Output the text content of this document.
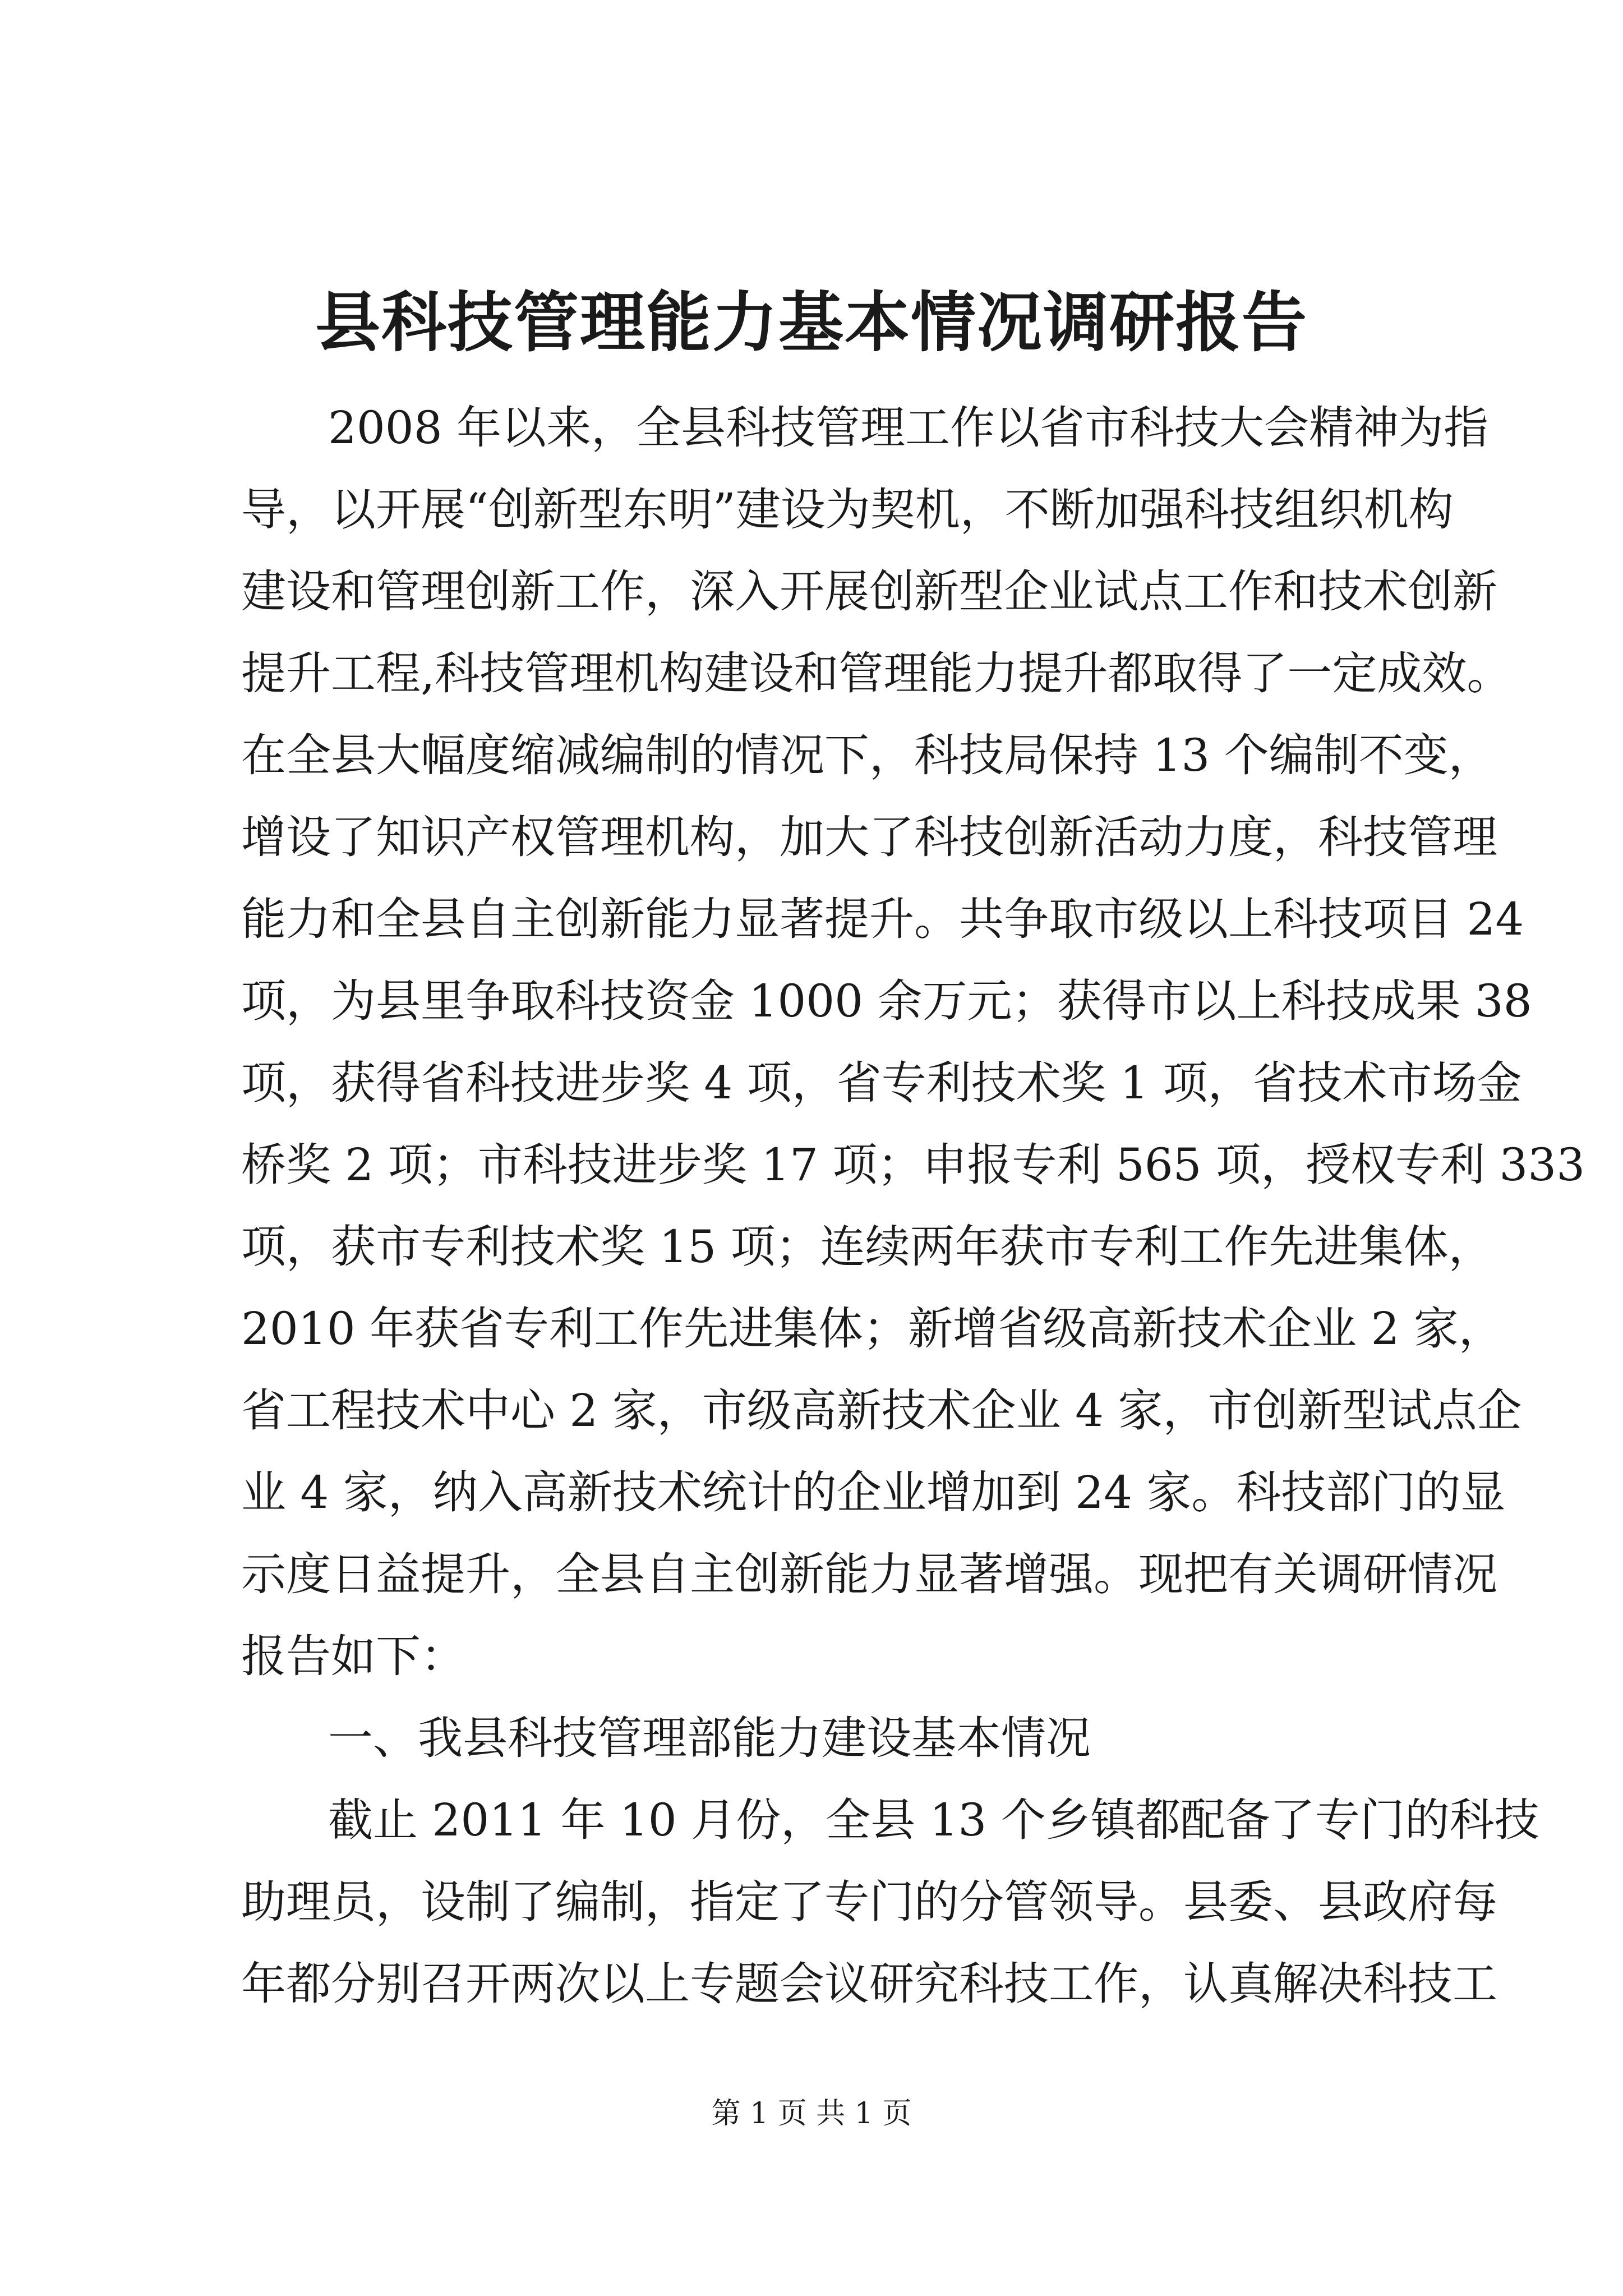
县科技管理能力基本情况调研报告
2008 年以来，全县科技管理工作以省市科技大会精神为指
导，以开展“创新型东明”建设为契机，不断加强科技组织机构
建设和管理创新工作，深入开展创新型企业试点工作和技术创新
提升工程,科技管理机构建设和管理能力提升都取得了一定成效。
在全县大幅度缩减编制的情况下，科技局保持 13 个编制不变，
增设了知识产权管理机构，加大了科技创新活动力度，科技管理
能力和全县自主创新能力显著提升。共争取市级以上科技项目 24
项，为县里争取科技资金 1000 余万元；获得市以上科技成果 38
项，获得省科技进步奖 4 项，省专利技术奖 1 项，省技术市场金
桥奖 2 项；市科技进步奖 17 项；申报专利 565 项，授权专利 333
项，获市专利技术奖 15 项；连续两年获市专利工作先进集体，
2010 年获省专利工作先进集体；新增省级高新技术企业 2 家，
省工程技术中心 2 家，市级高新技术企业 4 家，市创新型试点企
业 4 家，纳入高新技术统计的企业增加到 24 家。科技部门的显
示度日益提升，全县自主创新能力显著增强。现把有关调研情况
报告如下：
一、我县科技管理部能力建设基本情况
截止 2011 年 10 月份，全县 13 个乡镇都配备了专门的科技
助理员，设制了编制，指定了专门的分管领导。县委、县政府每
年都分别召开两次以上专题会议研究科技工作，认真解决科技工
第 1 页 共 1 页
